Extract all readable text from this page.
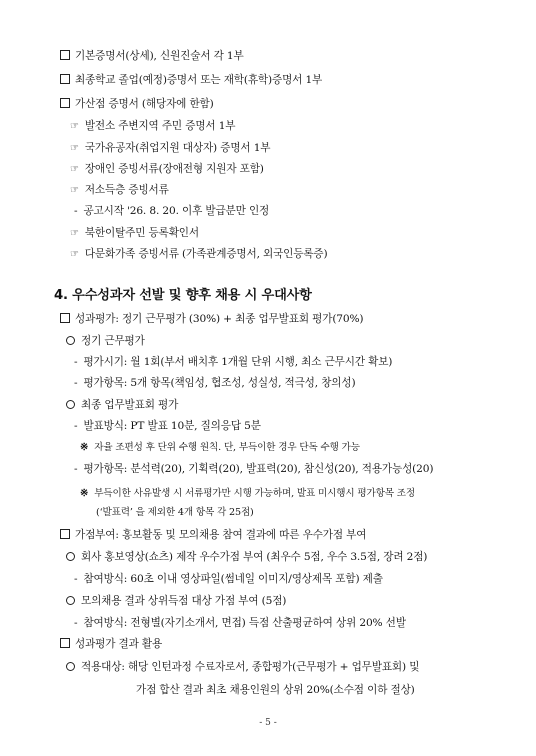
기본증명서(상세), 신원진술서 각 1부
최종학교 졸업(예정)증명서 또는 재학(휴학)증명서 1부
가산점 증명서 (해당자에 한함)
☞ 발전소 주변지역 주민 증명서 1부
☞ 국가유공자(취업지원 대상자) 증명서 1부
☞ 장애인 증빙서류(장애전형 지원자 포함)
☞ 저소득층 증빙서류
- 공고시작 '26. 8. 20. 이후 발급분만 인정
☞ 북한이탈주민 등록확인서
☞ 다문화가족 증빙서류 (가족관계증명서, 외국인등록증)
4. 우수성과자 선발 및 향후 채용 시 우대사항
성과평가: 정기 근무평가 (30%) + 최종 업무발표회 평가(70%)
정기 근무평가
- 평가시기: 월 1회(부서 배치후 1개월 단위 시행, 최소 근무시간 확보)
- 평가항목: 5개 항목(책임성, 협조성, 성실성, 적극성, 창의성)
최종 업무발표회 평가
- 발표방식: PT 발표 10분, 질의응답 5분
※ 자율 조편성 후 단위 수행 원칙. 단, 부득이한 경우 단독 수행 가능
- 평가항목: 분석력(20), 기획력(20), 발표력(20), 참신성(20), 적용가능성(20)
※ 부득이한 사유발생 시 서류평가만 시행 가능하며, 발표 미시행시 평가항목 조정
(‘발표력’ 을 제외한 4개 항목 각 25점)
가점부여: 홍보활동 및 모의채용 참여 결과에 따른 우수가점 부여
회사 홍보영상(쇼츠) 제작 우수가점 부여 (최우수 5점, 우수 3.5점, 장려 2점)
- 참여방식: 60초 이내 영상파일(썸네일 이미지/영상제목 포함) 제출
모의채용 결과 상위득점 대상 가점 부여 (5점)
- 참여방식: 전형별(자기소개서, 면접) 득점 산출평균하여 상위 20% 선발
성과평가 결과 활용
적용대상: 해당 인턴과정 수료자로서, 종합평가(근무평가 + 업무발표회) 및
가점 합산 결과 최초 채용인원의 상위 20%(소수점 이하 절상)
- 5 -
